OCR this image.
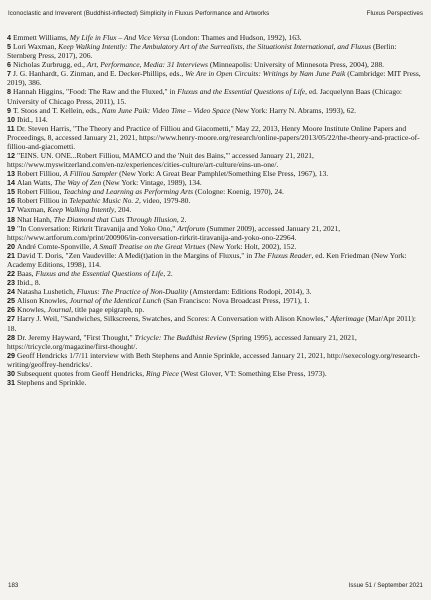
Iconoclastic and Irreverent (Buddhist-inflected) Simplicity in Fluxus Performance and Artworks	Fluxus Perspectives

4 Emmett Williams, My Life in Flux – And Vice Versa (London: Thames and Hudson, 1992), 163.

5 Lori Waxman, Keep Walking Intently: The Ambulatory Art of the Surrealists, the Situationist International, and Fluxus (Berlin: Sternberg Press, 2017), 206.

6 Nicholas Zurbrugg, ed., Art, Performance, Media: 31 Interviews (Minneapolis: University of Minnesota Press, 2004), 288.

7 J. G. Hanhardt, G. Zinman, and E. Decker-Phillips, eds., We Are in Open Circuits: Writings by Nam June Paik (Cambridge: MIT Press, 2019), 386.

8 Hannah Higgins, "Food: The Raw and the Fluxed," in Fluxus and the Essential Questions of Life, ed. Jacquelynn Baas (Chicago: University of Chicago Press, 2011), 15.

9 T. Stoos and T. Kellein, eds., Nam June Paik: Video Time – Video Space (New York: Harry N. Abrams, 1993), 62.

10 Ibid., 114.

11 Dr. Steven Harris, "The Theory and Practice of Filliou and Giacometti," May 22, 2013, Henry Moore Institute Online Papers and Proceedings, 8, accessed January 21, 2021, https://www.henry-moore.org/research/online-papers/2013/05/22/the-theory-and-practice-of-filliou-and-giacometti.

12 "EINS. UN. ONE...Robert Filliou, MAMCO and the 'Nuit des Bains,'" accessed January 21, 2021, https://www.myswitzerland.com/en-nz/experiences/cities-culture/art-culture/eins-un-one/.

13 Robert Filliou, A Filliou Sampler (New York: A Great Bear Pamphlet/Something Else Press, 1967), 13.

14 Alan Watts, The Way of Zen (New York: Vintage, 1989), 134.

15 Robert Filliou, Teaching and Learning as Performing Arts (Cologne: Koenig, 1970), 24.

16 Robert Filliou in Telepathic Music No. 2, video, 1979-80.

17 Waxman, Keep Walking Intently, 204.

18 Nhat Hanh, The Diamond that Cuts Through Illusion, 2.

19 "In Conversation: Rirkrit Tiravanija and Yoko Ono," Artforum (Summer 2009), accessed January 21, 2021, https://www.artforum.com/print/200906/in-conversation-rirkrit-tiravanija-and-yoko-ono-22964.

20 André Comte-Sponville, A Small Treatise on the Great Virtues (New York: Holt, 2002), 152.

21 David T. Doris, "Zen Vaudeville: A Medi(t)ation in the Margins of Fluxus," in The Fluxus Reader, ed. Ken Friedman (New York: Academy Editions, 1998), 114.

22 Baas, Fluxus and the Essential Questions of Life, 2.

23 Ibid., 8.

24 Natasha Lushetich, Fluxus: The Practice of Non-Duality (Amsterdam: Editions Rodopi, 2014), 3.

25 Alison Knowles, Journal of the Identical Lunch (San Francisco: Nova Broadcast Press, 1971), 1.

26 Knowles, Journal, title page epigraph, np.

27 Harry J. Weil, "Sandwiches, Silkscreens, Swatches, and Scores: A Conversation with Alison Knowles," Afterimage (Mar/Apr 2011): 18.

28 Dr. Jeremy Hayward, "First Thought," Tricycle: The Buddhist Review (Spring 1995), accessed January 21, 2021, https://tricycle.org/magazine/first-thought/.

29 Geoff Hendricks 1/7/11 interview with Beth Stephens and Annie Sprinkle, accessed January 21, 2021, http://sexecology.org/research-writing/geoffrey-hendricks/.

30 Subsequent quotes from Geoff Hendricks, Ring Piece (West Glover, VT: Something Else Press, 1973).

31 Stephens and Sprinkle.

183	Issue 51 / September 2021
